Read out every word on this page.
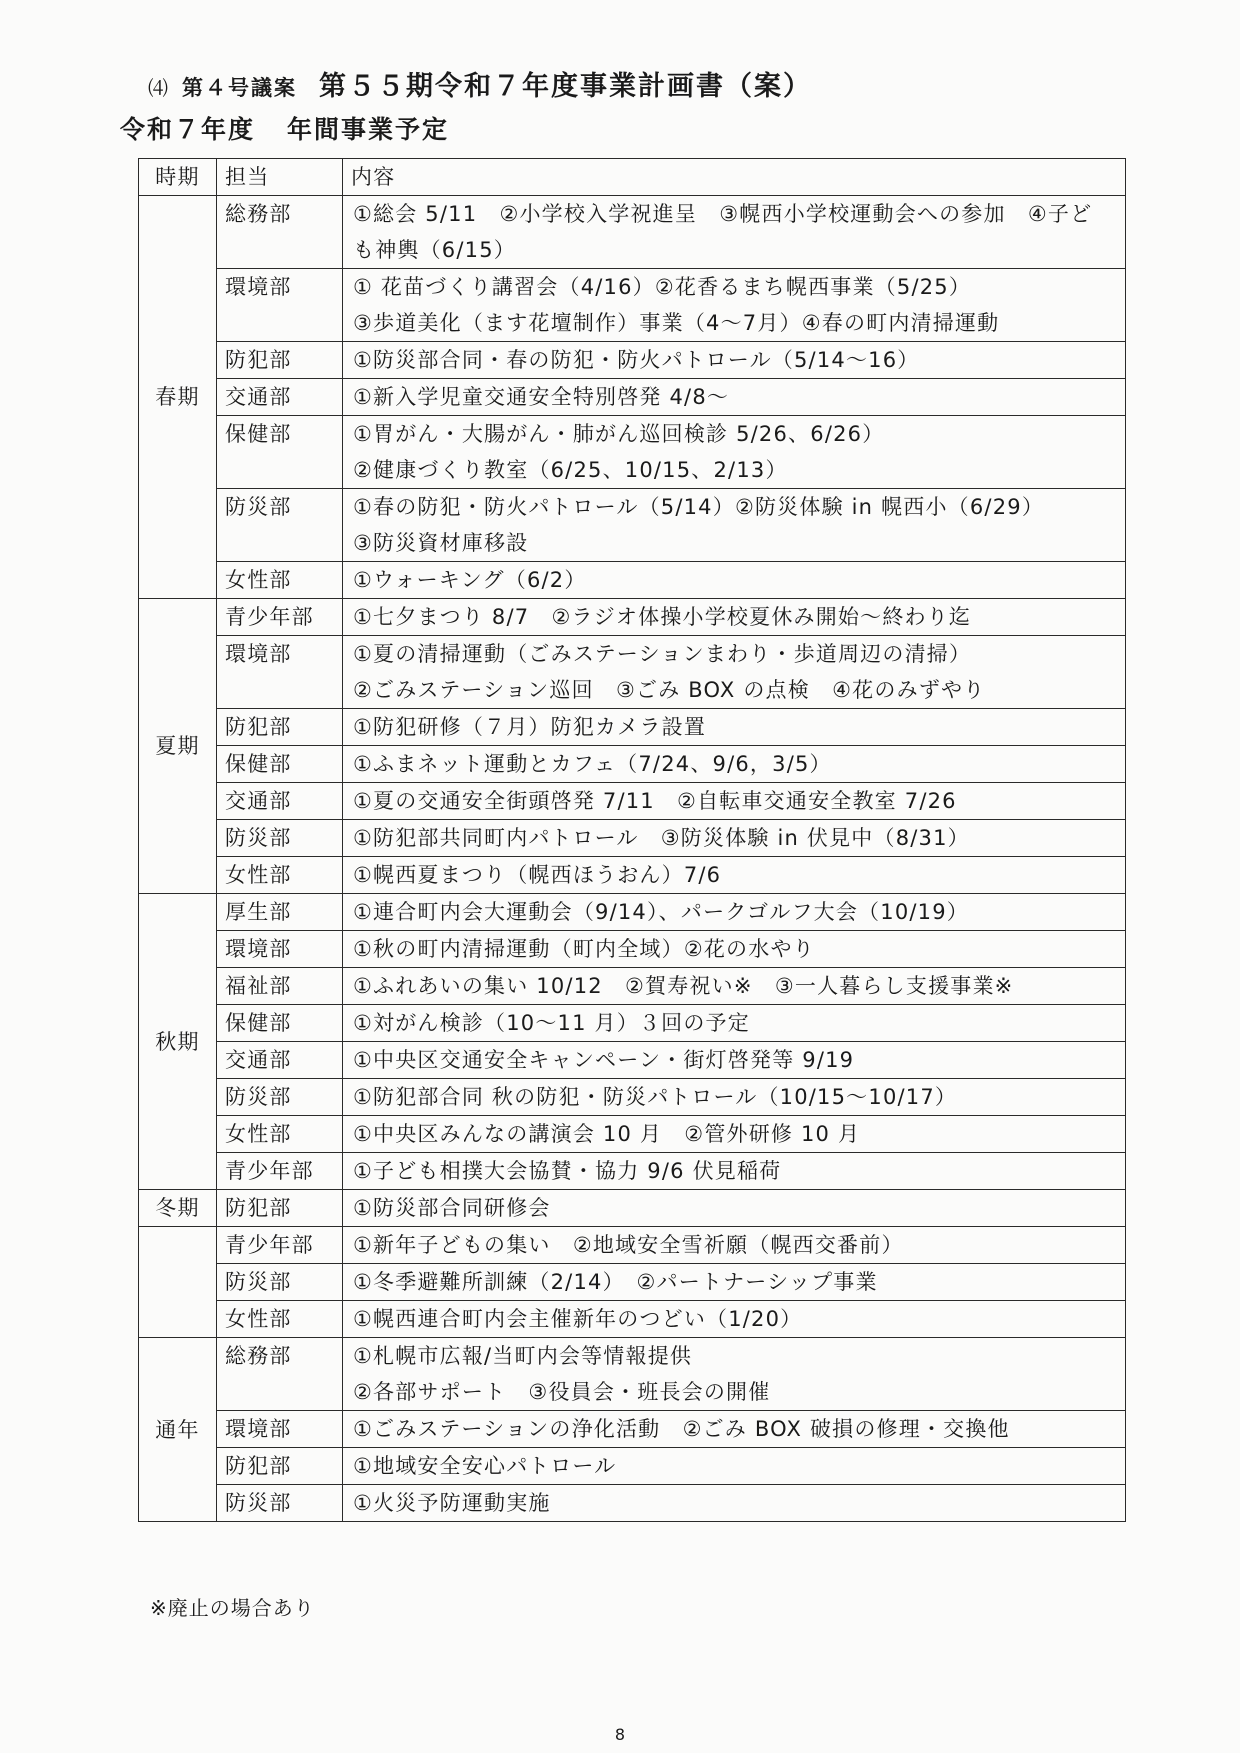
⑷ 第４号議案 第５５期令和７年度事業計画書（案）
令和７年度 年間事業予定
時期	担当	内容
春期	総務部	①総会 5/11　②小学校入学祝進呈　③幌西小学校運動会への参加　④子ど
も神輿（6/15）

	環境部	① 花苗づくり講習会（4/16）②花香るまち幌西事業（5/25）
③歩道美化（ます花壇制作）事業（4～7月）④春の町内清掃運動

	防犯部	①防災部合同・春の防犯・防火パトロール（5/14～16）

	交通部	①新入学児童交通安全特別啓発 4/8～

	保健部	①胃がん・大腸がん・肺がん巡回検診 5/26、6/26）
②健康づくり教室（6/25、10/15、2/13）

	防災部	①春の防犯・防火パトロール（5/14）②防災体験 in 幌西小（6/29）
③防災資材庫移設

	女性部	①ウォーキング（6/2）

夏期	青少年部	①七夕まつり 8/7　②ラジオ体操小学校夏休み開始～終わり迄

	環境部	①夏の清掃運動（ごみステーションまわり・歩道周辺の清掃）
②ごみステーション巡回　③ごみ BOX の点検　④花のみずやり

	防犯部	①防犯研修（７月）防犯カメラ設置

	保健部	①ふまネット運動とカフェ（7/24、9/6，3/5）

	交通部	①夏の交通安全街頭啓発 7/11　②自転車交通安全教室 7/26

	防災部	①防犯部共同町内パトロール　③防災体験 in 伏見中（8/31）

	女性部	①幌西夏まつり（幌西ほうおん）7/6

秋期	厚生部	①連合町内会大運動会（9/14）、パークゴルフ大会（10/19）

	環境部	①秋の町内清掃運動（町内全域）②花の水やり

	福祉部	①ふれあいの集い 10/12　②賀寿祝い※　③一人暮らし支援事業※

	保健部	①対がん検診（10～11 月）３回の予定

	交通部	①中央区交通安全キャンペーン・街灯啓発等 9/19

	防災部	①防犯部合同 秋の防犯・防災パトロール（10/15～10/17）

	女性部	①中央区みんなの講演会 10 月　②管外研修 10 月

	青少年部	①子ども相撲大会協賛・協力 9/6 伏見稲荷

冬期	防犯部	①防災部合同研修会

	青少年部	①新年子どもの集い　②地域安全雪祈願（幌西交番前）

	防災部	①冬季避難所訓練（2/14）　②パートナーシップ事業

	女性部	①幌西連合町内会主催新年のつどい（1/20）

通年	総務部	①札幌市広報/当町内会等情報提供
②各部サポート　③役員会・班長会の開催

	環境部	①ごみステーションの浄化活動　②ごみ BOX 破損の修理・交換他

	防犯部	①地域安全安心パトロール

	防災部	①火災予防運動実施
※廃止の場合あり
8
